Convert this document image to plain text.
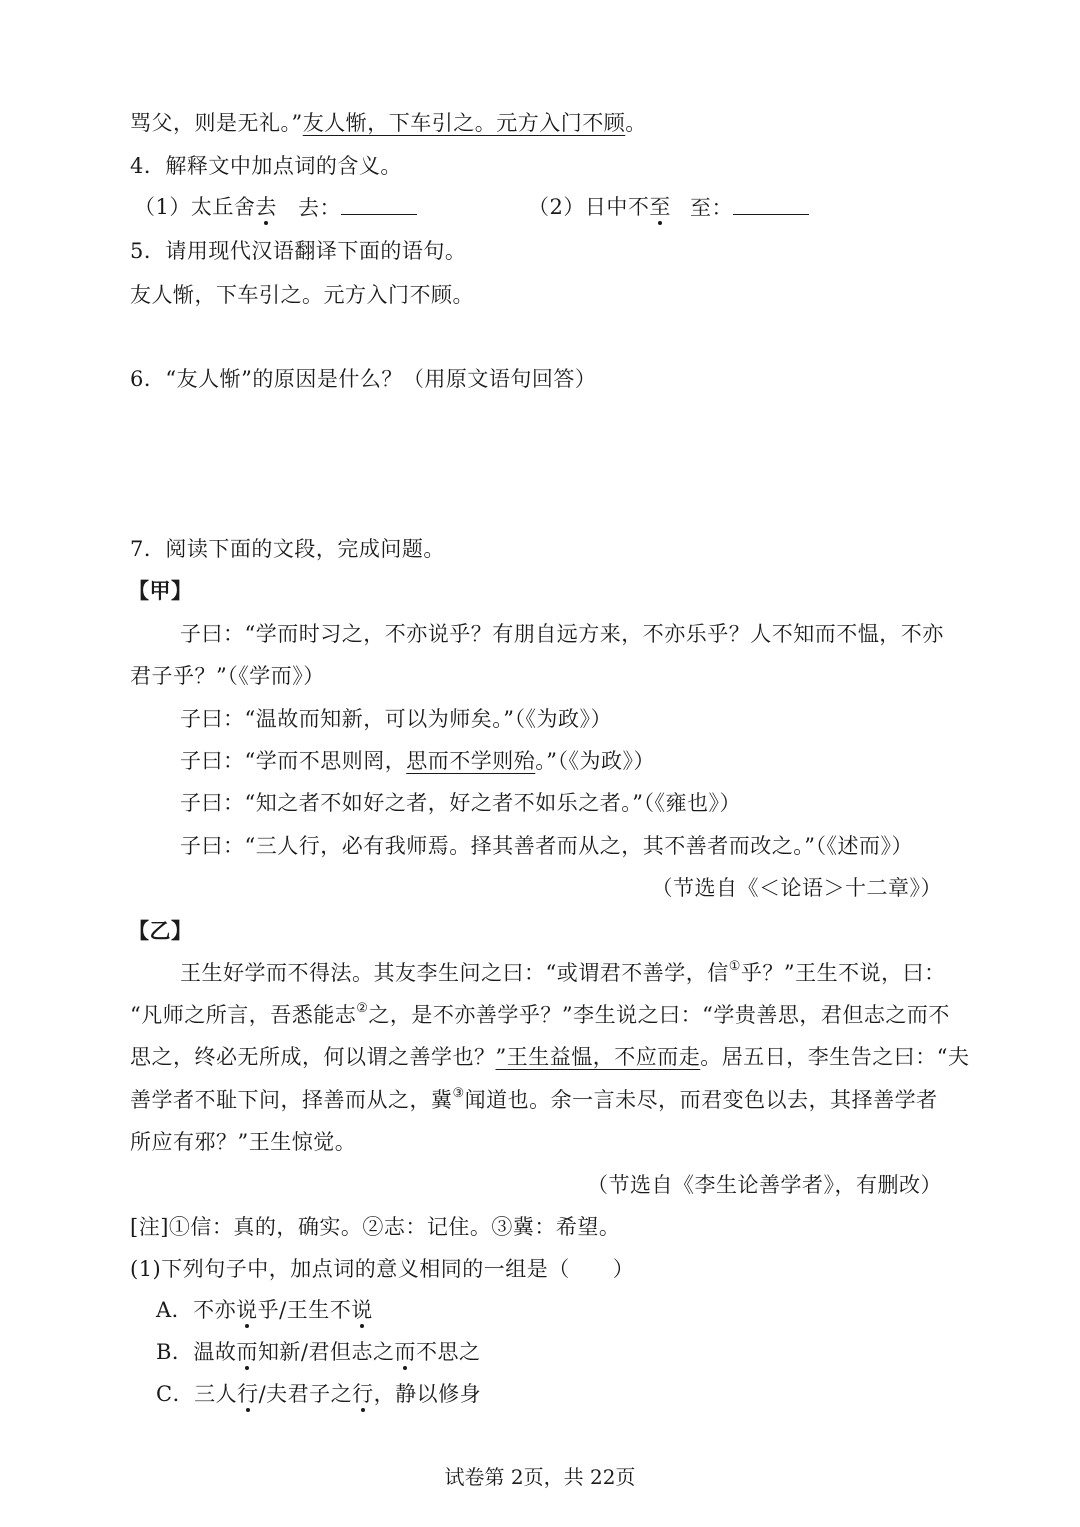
骂父，则是无礼。”友人惭，下车引之。元方入门不顾。
4．解释文中加点词的含义。
（1）太丘舍去 去：	（2）日中不至 至：
5．请用现代汉语翻译下面的语句。
友人惭，下车引之。元方入门不顾。
6．“友人惭”的原因是什么？（用原文语句回答）
7．阅读下面的文段，完成问题。
【甲】
子曰：“学而时习之，不亦说乎？有朋自远方来，不亦乐乎？人不知而不愠，不亦
君子乎？”（《学而》）
子曰：“温故而知新，可以为师矣。”（《为政》）
子曰：“学而不思则罔，思而不学则殆。”（《为政》）
子曰：“知之者不如好之者，好之者不如乐之者。”（《雍也》）
子曰：“三人行，必有我师焉。择其善者而从之，其不善者而改之。”（《述而》）
（节选自《＜论语＞十二章》）
【乙】
王生好学而不得法。其友李生问之曰：“或谓君不善学，信①乎？”王生不说，曰：
“凡师之所言，吾悉能志②之，是不亦善学乎？”李生说之曰：“学贵善思，君但志之而不
思之，终必无所成，何以谓之善学也？”王生益愠，不应而走。居五日，李生告之曰：“夫
善学者不耻下问，择善而从之，冀③闻道也。余一言未尽，而君变色以去，其择善学者
所应有邪？”王生惊觉。
（节选自《李生论善学者》，有删改）
[注]①信：真的，确实。②志：记住。③冀：希望。
(1)下列句子中，加点词的意义相同的一组是（　　）
A．不亦说乎/王生不说
B．温故而知新/君但志之而不思之
C．三人行/夫君子之行，静以修身
试卷第 2页，共 22页
